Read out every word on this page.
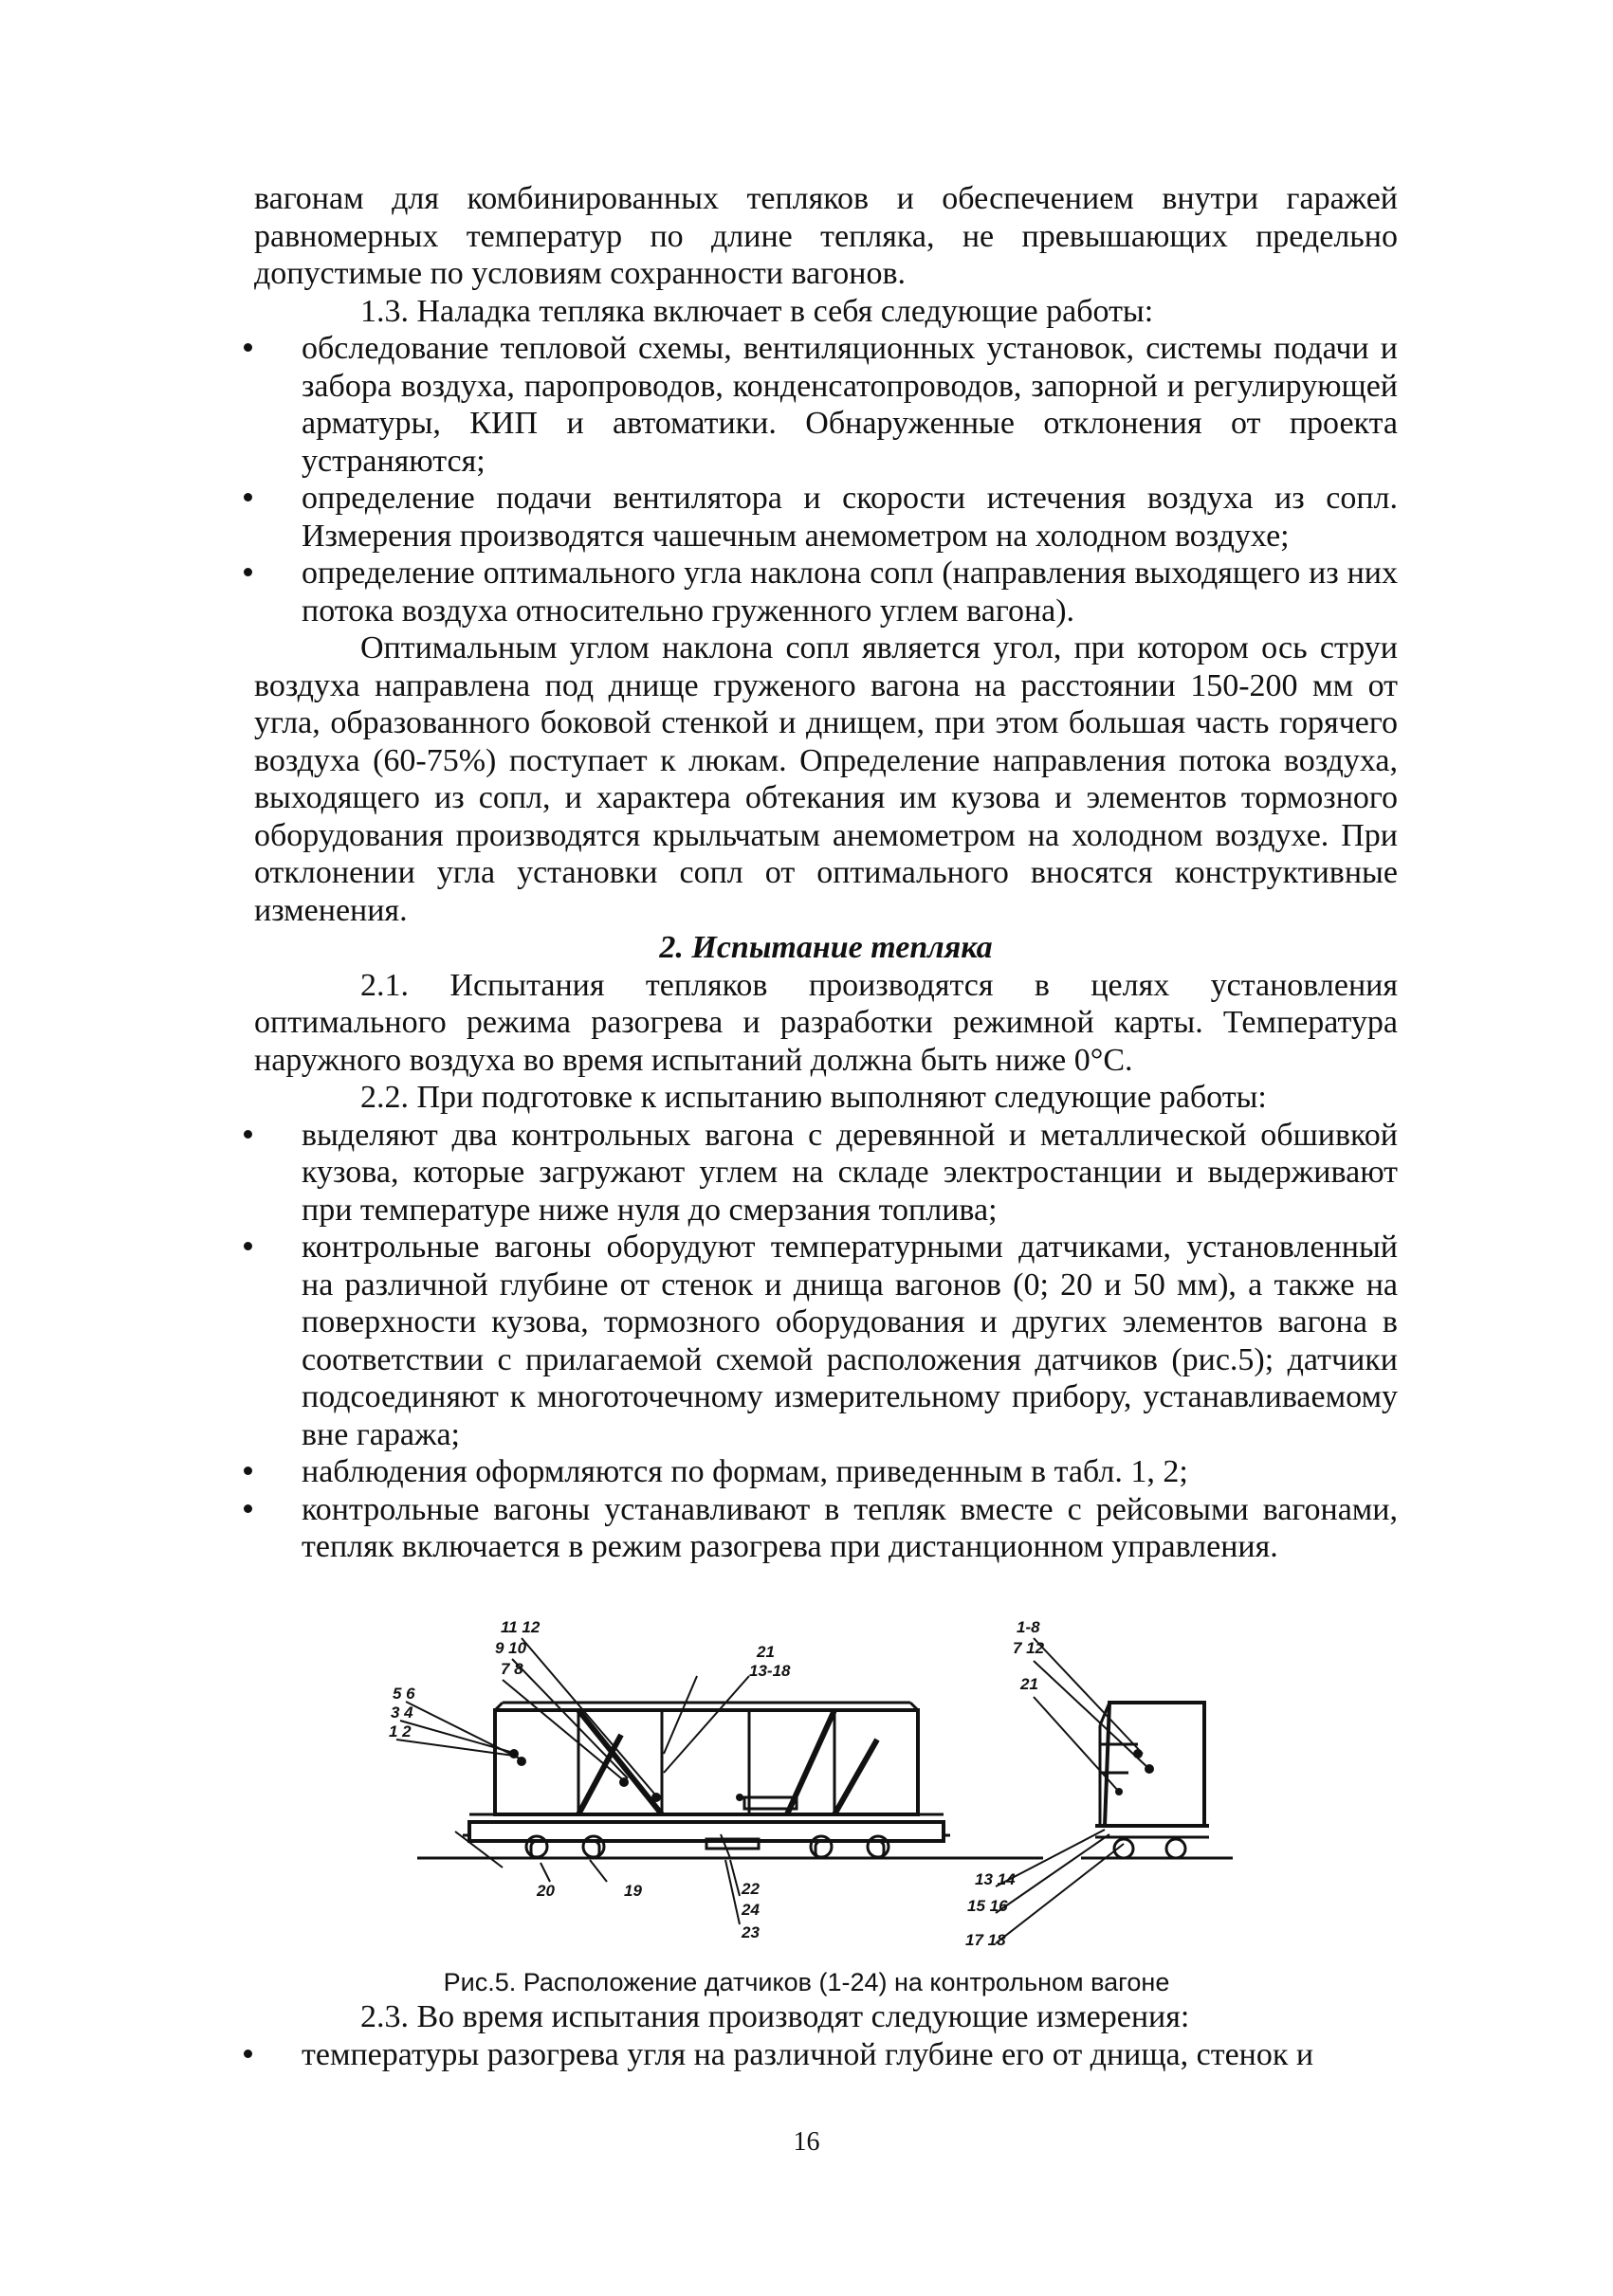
вагонам для комбинированных тепляков и обеспечением внутри гаражей равномерных температур по длине тепляка, не превышающих предельно допустимые по условиям сохранности вагонов.

1.3. Наладка тепляка включает в себя следующие работы:

обследование тепловой схемы, вентиляционных установок, системы подачи и забора воздуха, паропроводов, конденсатопроводов, запорной и регулирующей арматуры, КИП и автоматики. Обнаруженные отклонения от проекта устраняются;
определение подачи вентилятора и скорости истечения воздуха из сопл. Измерения производятся чашечным анемометром на холодном воздухе;
определение оптимального угла наклона сопл (направления выходящего из них потока воздуха относительно груженного углем вагона).

Оптимальным углом наклона сопл является угол, при котором ось струи воздуха направлена под днище груженого вагона на расстоянии 150-200 мм от угла, образованного боковой стенкой и днищем, при этом большая часть горячего воздуха (60-75%) поступает к люкам. Определение направления потока воздуха, выходящего из сопл, и характера обтекания им кузова и элементов тормозного оборудования производятся крыльчатым анемометром на холодном воздухе. При отклонении угла установки сопл от оптимального вносятся конструктивные изменения.

2. Испытание тепляка

2.1. Испытания тепляков производятся в целях установления оптимального режима разогрева и разработки режимной карты. Температура наружного воздуха во время испытаний должна быть ниже 0°С.

2.2. При подготовке к испытанию выполняют следующие работы:

выделяют два контрольных вагона с деревянной и металлической обшивкой кузова, которые загружают углем на складе электростанции и выдерживают при температуре ниже нуля до смерзания топлива;
контрольные вагоны оборудуют температурными датчиками, установленный на различной глубине от стенок и днища вагонов (0; 20 и 50 мм), а также на поверхности кузова, тормозного оборудования и других элементов вагона в соответствии с прилагаемой схемой расположения датчиков (рис.5); датчики подсоединяют к многоточечному измерительному прибору, устанавливаемому вне гаража;
наблюдения оформляются по формам, приведенным в табл. 1, 2;
контрольные вагоны устанавливают в тепляк вместе с рейсовыми вагонами, тепляк включается в режим разогрева при дистанционном управления.
11 12
9 10
7 8
5 6
3 4
1 2
21
13-18
1-8
7 12
21
20	19	22
24
23
13 14
15 16
17 18
Рис.5. Расположение датчиков (1-24) на контрольном вагоне

2.3. Во время испытания производят следующие измерения:

температуры разогрева угля на различной глубине его от днища, стенок и
16
